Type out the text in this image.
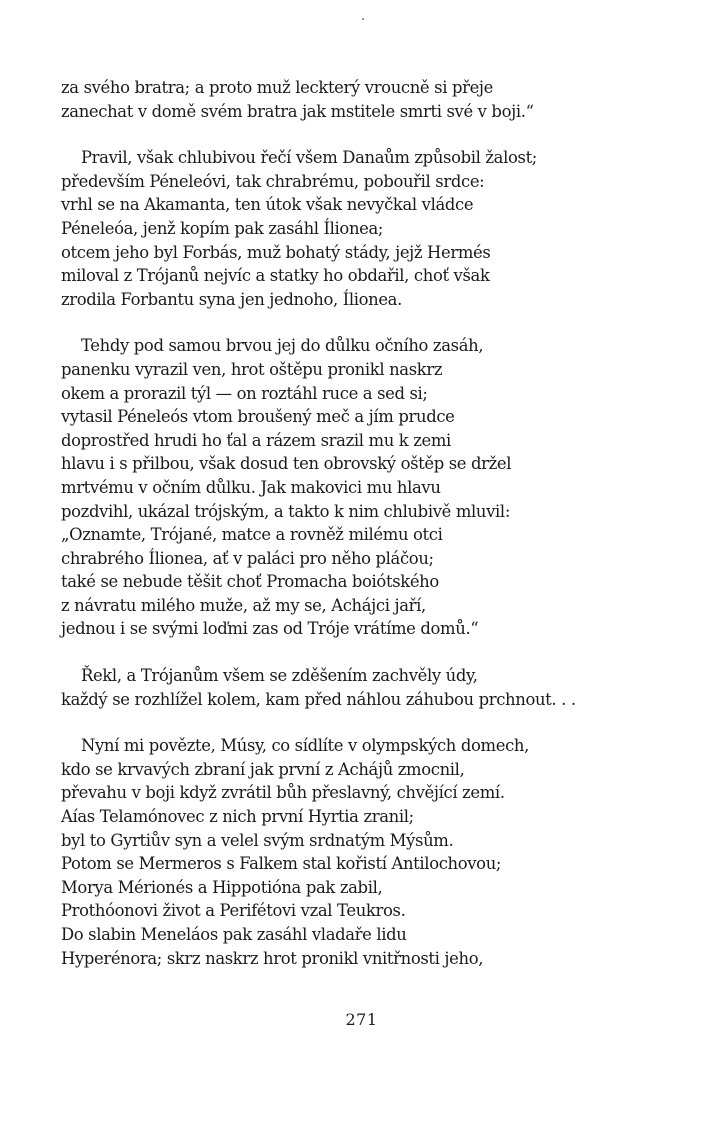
za svého bratra; a proto muž leckterý vroucně si přeje
zanechat v domě svém bratra jak mstitele smrti své v boji.“
Pravil, však chlubivou řečí všem Danaům způsobil žalost;
především Péneleóvi, tak chrabrému, pobouřil srdce:
vrhl se na Akamanta, ten útok však nevyčkal vládce
Péneleóa, jenž kopím pak zasáhl Ílionea;
otcem jeho byl Forbás, muž bohatý stády, jejž Hermés
miloval z Trójanů nejvíc a statky ho obdařil, choť však
zrodila Forbantu syna jen jednoho, Ílionea.
Tehdy pod samou brvou jej do důlku očního zasáh,
panenku vyrazil ven, hrot oštěpu pronikl naskrz
okem a prorazil týl — on roztáhl ruce a sed si;
vytasil Péneleós vtom broušený meč a jím prudce
doprostřed hrudi ho ťal a rázem srazil mu k zemi
hlavu i s přilbou, však dosud ten obrovský oštěp se držel
mrtvému v očním důlku. Jak makovici mu hlavu
pozdvihl, ukázal trójským, a takto k nim chlubivě mluvil:
„Oznamte, Trójané, matce a rovněž milému otci
chrabrého Ílionea, ať v paláci pro něho pláčou;
také se nebude těšit choť Promacha boiótského
z návratu milého muže, až my se, Achájci jaří,
jednou i se svými loďmi zas od Tróje vrátíme domů.“
Řekl, a Trójanům všem se zděšením zachvěly údy,
každý se rozhlížel kolem, kam před náhlou záhubou prchnout. . .
Nyní mi povězte, Músy, co sídlíte v olympských domech,
kdo se krvavých zbraní jak první z Achájů zmocnil,
převahu v boji když zvrátil bůh přeslavný, chvějící zemí.
Aías Telamónovec z nich první Hyrtia zranil;
byl to Gyrtiův syn a velel svým srdnatým Mýsům.
Potom se Mermeros s Falkem stal kořistí Antilochovou;
Morya Mérionés a Hippotióna pak zabil,
Prothóonovi život a Perifétovi vzal Teukros.
Do slabin Meneláos pak zasáhl vladaře lidu
Hyperénora; skrz naskrz hrot pronikl vnitřnosti jeho,
271
